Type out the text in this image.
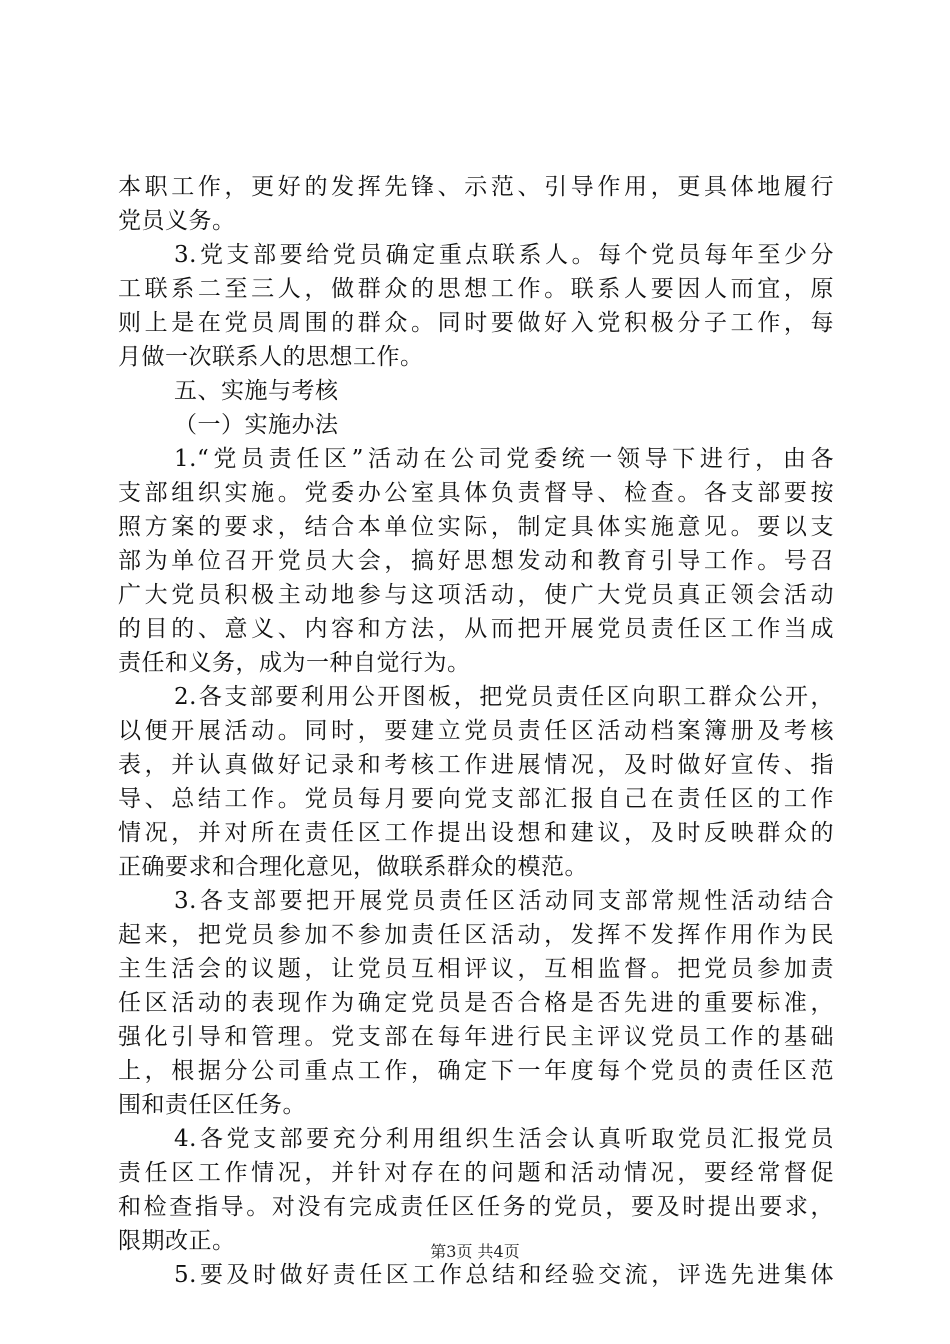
本职工作，更好的发挥先锋、示范、引导作用，更具体地履行
党员义务。
3.党支部要给党员确定重点联系人。每个党员每年至少分
工联系二至三人，做群众的思想工作。联系人要因人而宜，原
则上是在党员周围的群众。同时要做好入党积极分子工作，每
月做一次联系人的思想工作。
五、实施与考核
（一）实施办法
1.“党员责任区”活动在公司党委统一领导下进行，由各
支部组织实施。党委办公室具体负责督导、检查。各支部要按
照方案的要求，结合本单位实际，制定具体实施意见。要以支
部为单位召开党员大会，搞好思想发动和教育引导工作。号召
广大党员积极主动地参与这项活动，使广大党员真正领会活动
的目的、意义、内容和方法，从而把开展党员责任区工作当成
责任和义务，成为一种自觉行为。
2.各支部要利用公开图板，把党员责任区向职工群众公开，
以便开展活动。同时，要建立党员责任区活动档案簿册及考核
表，并认真做好记录和考核工作进展情况，及时做好宣传、指
导、总结工作。党员每月要向党支部汇报自己在责任区的工作
情况，并对所在责任区工作提出设想和建议，及时反映群众的
正确要求和合理化意见，做联系群众的模范。
3.各支部要把开展党员责任区活动同支部常规性活动结合
起来，把党员参加不参加责任区活动，发挥不发挥作用作为民
主生活会的议题，让党员互相评议，互相监督。把党员参加责
任区活动的表现作为确定党员是否合格是否先进的重要标准，
强化引导和管理。党支部在每年进行民主评议党员工作的基础
上，根据分公司重点工作，确定下一年度每个党员的责任区范
围和责任区任务。
4.各党支部要充分利用组织生活会认真听取党员汇报党员
责任区工作情况，并针对存在的问题和活动情况，要经常督促
和检查指导。对没有完成责任区任务的党员，要及时提出要求，
限期改正。
5.要及时做好责任区工作总结和经验交流，评选先进集体
第3页 共4页
